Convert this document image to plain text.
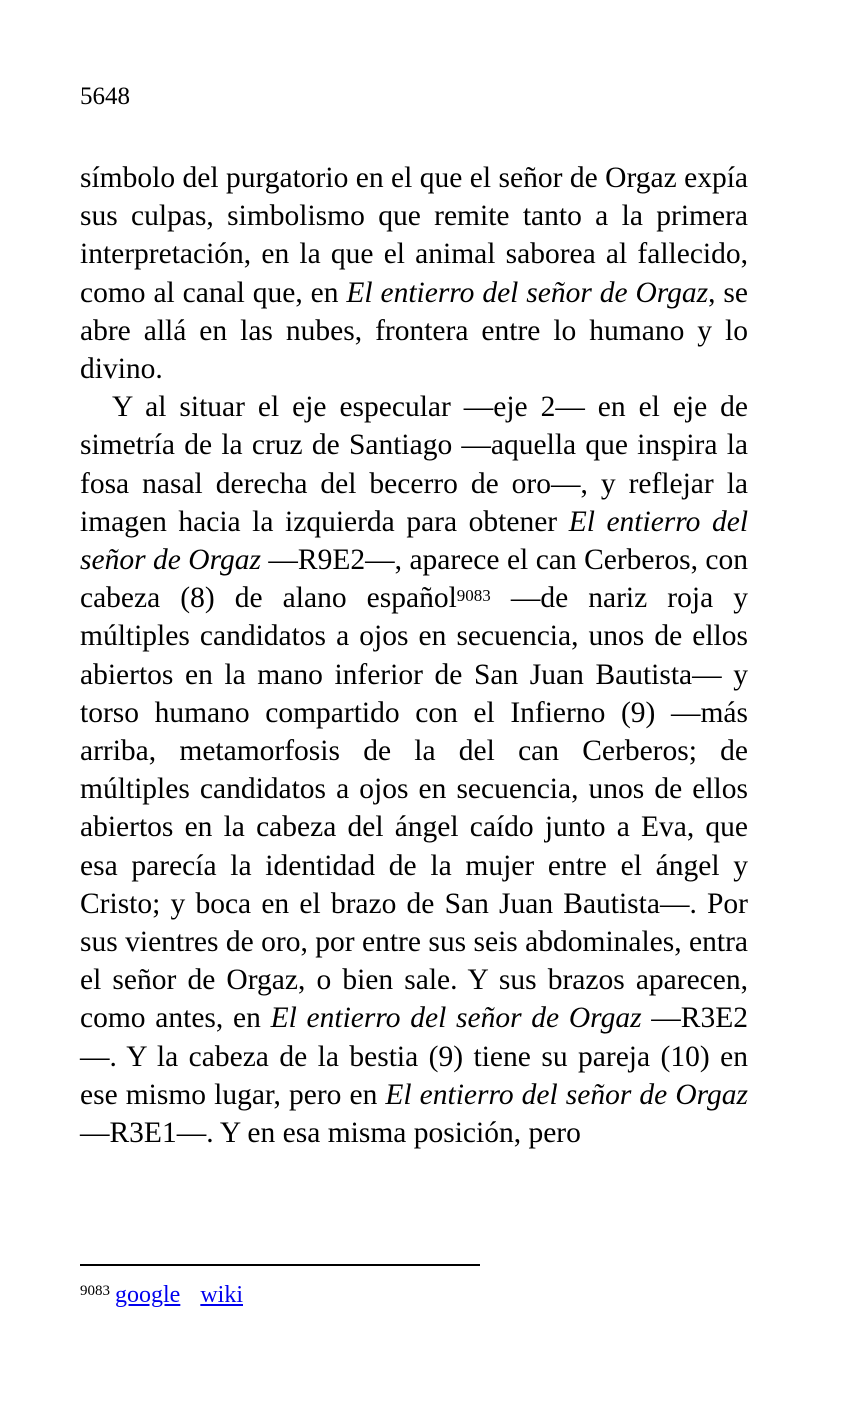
5648

símbolo del purgatorio en el que el señor de Orgaz expía sus culpas, simbolismo que remite tanto a la primera interpretación, en la que el animal saborea al fallecido, como al canal que, en El entierro del señor de Orgaz, se abre allá en las nubes, frontera entre lo humano y lo divino.

Y al situar el eje especular —eje 2— en el eje de simetría de la cruz de Santiago —aquella que inspira la fosa nasal derecha del becerro de oro—, y reflejar la imagen hacia la izquierda para obtener El entierro del señor de Orgaz —R9E2—, aparece el can Cerberos, con cabeza (8) de alano español$^{9083}$ —de nariz roja y múltiples candidatos a ojos en secuencia, unos de ellos abiertos en la mano inferior de San Juan Bautista— y torso humano compartido con el Infierno (9) —más arriba, metamorfosis de la del can Cerberos; de múltiples candidatos a ojos en secuencia, unos de ellos abiertos en la cabeza del ángel caído junto a Eva, que esa parecía la identidad de la mujer entre el ángel y Cristo; y boca en el brazo de San Juan Bautista—. Por sus vientres de oro, por entre sus seis abdominales, entra el señor de Orgaz, o bien sale. Y sus brazos aparecen, como antes, en El entierro del señor de Orgaz —R3E2—. Y la cabeza de la bestia (9) tiene su pareja (10) en ese mismo lugar, pero en El entierro del señor de Orgaz —R3E1—. Y en esa misma posición, pero

$^{9083}$ google wiki
